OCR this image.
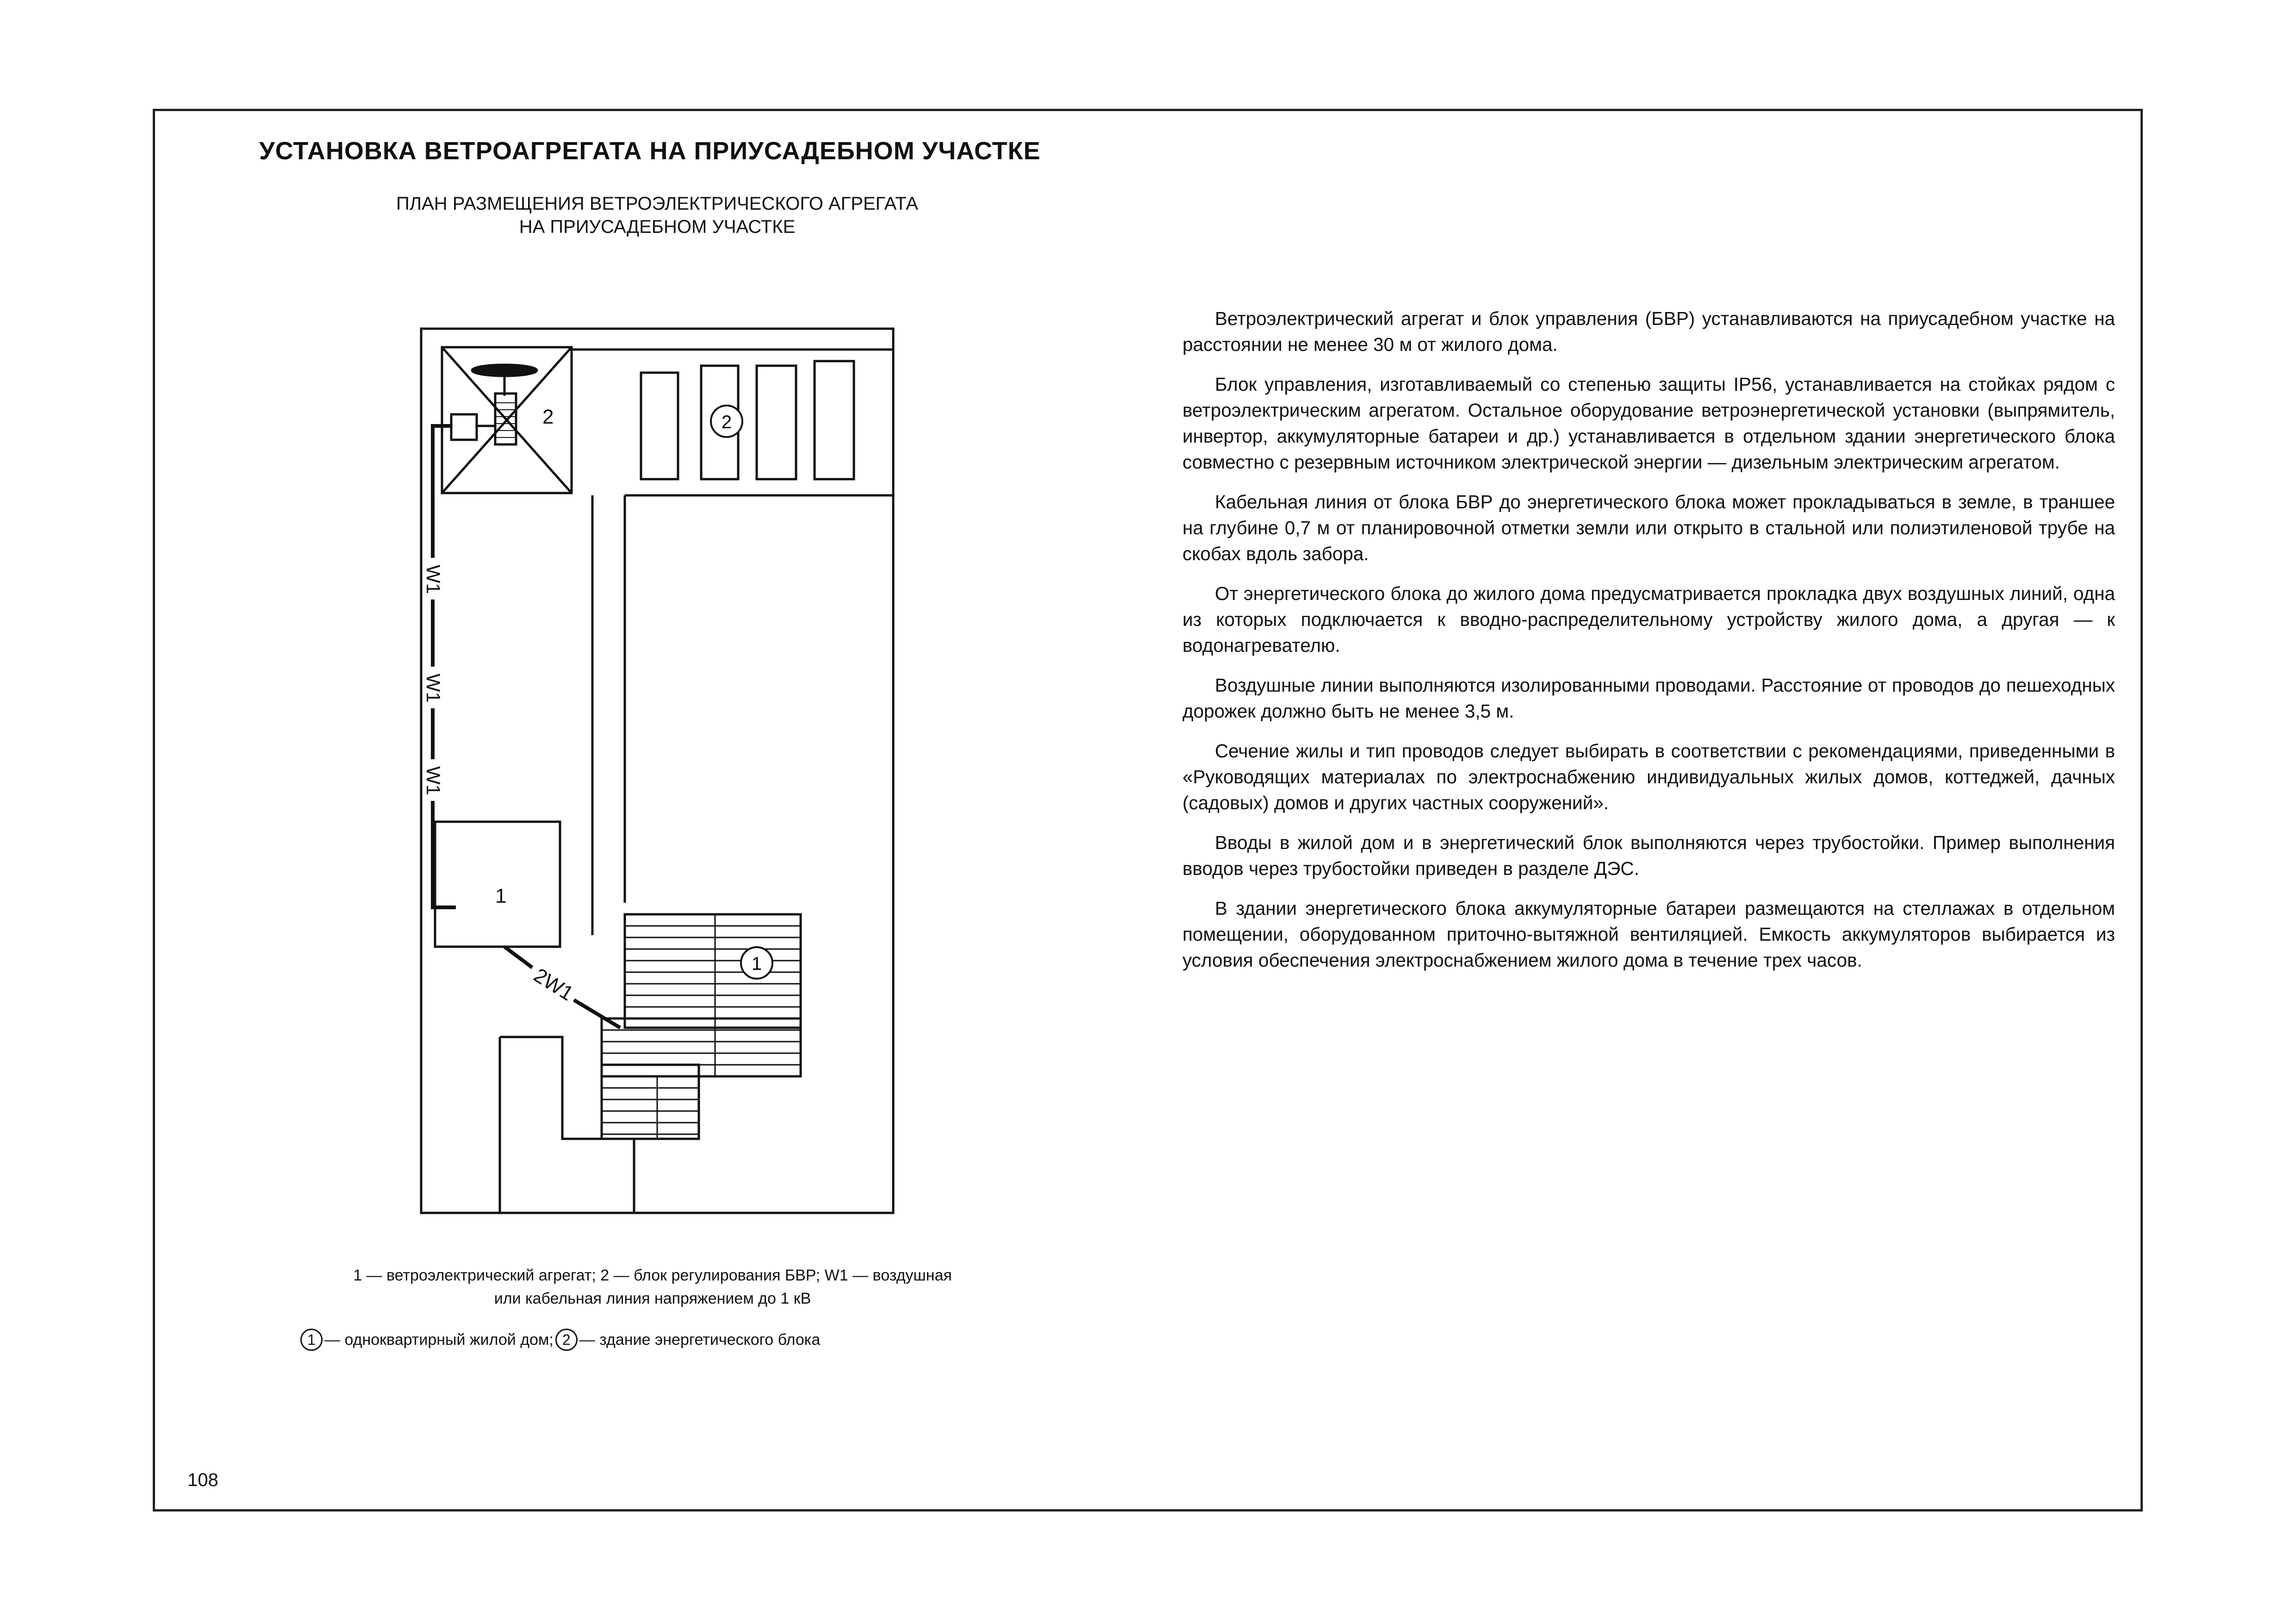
УСТАНОВКА ВЕТРОАГРЕГАТА НА ПРИУСАДЕБНОМ УЧАСТКЕ
ПЛАН РАЗМЕЩЕНИЯ ВЕТРОЭЛЕКТРИЧЕСКОГО АГРЕГАТА
НА ПРИУСАДЕБНОМ УЧАСТКЕ
2
1
W1
W1
W1
2W1
2
1
1 — ветроэлектрический агрегат; 2 — блок регулирования БВР; W1 — воздушная
или кабельная линия напряжением до 1 кВ
1 — одноквартирный жилой дом; 2 — здание энергетического блока

Ветроэлектрический агрегат и блок управления (БВР) устанавливаются на приусадебном участке на расстоянии не менее 30 м от жилого дома.

Блок управления, изготавливаемый со степенью защиты IP56, устанавливается на стойках рядом с ветроэлектрическим агрегатом. Остальное оборудование ветроэнергетической установки (выпрямитель, инвертор, аккумуляторные батареи и др.) устанавливается в отдельном здании энергетического блока совместно с резервным источником электрической энергии — дизельным электрическим агрегатом.

Кабельная линия от блока БВР до энергетического блока может прокладываться в земле, в траншее на глубине 0,7 м от планировочной отметки земли или открыто в стальной или полиэтиленовой трубе на скобах вдоль забора.

От энергетического блока до жилого дома предусматривается прокладка двух воздушных линий, одна из которых подключается к вводно-распределительному устройству жилого дома, а другая — к водонагревателю.

Воздушные линии выполняются изолированными проводами. Расстояние от проводов до пешеходных дорожек должно быть не менее 3,5 м.

Сечение жилы и тип проводов следует выбирать в соответствии с рекомендациями, приведенными в «Руководящих материалах по электроснабжению индивидуальных жилых домов, коттеджей, дачных (садовых) домов и других частных сооружений».

Вводы в жилой дом и в энергетический блок выполняются через трубостойки. Пример выполнения вводов через трубостойки приведен в разделе ДЭС.

В здании энергетического блока аккумуляторные батареи размещаются на стеллажах в отдельном помещении, оборудованном приточно-вытяжной вентиляцией. Емкость аккумуляторов выбирается из условия обеспечения электроснабжением жилого дома в течение трех часов.

108
